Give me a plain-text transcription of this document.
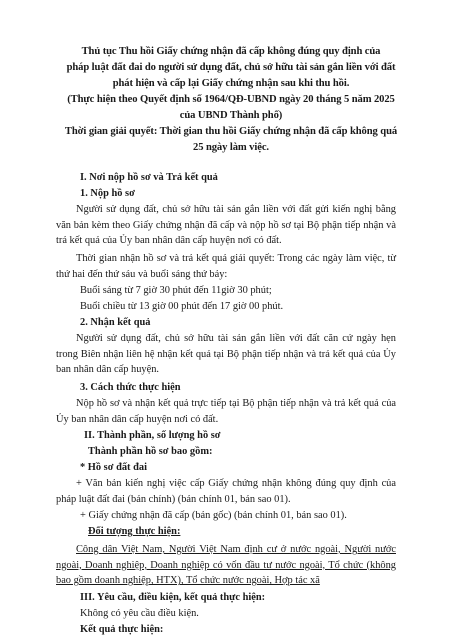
Thủ tục Thu hồi Giấy chứng nhận đã cấp không đúng quy định của
pháp luật đất đai do người sử dụng đất, chủ sở hữu tài sản gắn liền với đất
phát hiện và cấp lại Giấy chứng nhận sau khi thu hồi.
(Thực hiện theo Quyết định số 1964/QĐ-UBND ngày 20 tháng 5 năm 2025
của UBND Thành phố)
Thời gian giải quyết: Thời gian thu hồi Giấy chứng nhận đã cấp không quá
25 ngày làm việc.
I. Nơi nộp hồ sơ và Trả kết quả
1. Nộp hồ sơ
Người sử dụng đất, chủ sở hữu tài sản gắn liền với đất gửi kiến nghị bằng văn bản kèm theo Giấy chứng nhận đã cấp và nộp hồ sơ tại Bộ phận tiếp nhận và trả kết quả của Ủy ban nhân dân cấp huyện nơi có đất.
Thời gian nhận hồ sơ và trả kết quả giải quyết: Trong các ngày làm việc, từ thứ hai đến thứ sáu và buổi sáng thứ bảy:
Buổi sáng từ 7 giờ 30 phút đến 11giờ 30 phút;
Buổi chiều từ 13 giờ 00 phút đến 17 giờ 00 phút.
2. Nhận kết quả
Người sử dụng đất, chủ sở hữu tài sản gắn liền với đất căn cứ ngày hẹn trong Biên nhận liên hệ nhận kết quả tại Bộ phận tiếp nhận và trả kết quả của Ủy ban nhân dân cấp huyện.
3. Cách thức thực hiện
Nộp hồ sơ và nhận kết quả trực tiếp tại Bộ phận tiếp nhận và trả kết quả của Ủy ban nhân dân cấp huyện nơi có đất.
II. Thành phần, số lượng hồ sơ
Thành phần hồ sơ bao gồm:
* Hồ sơ đất đai
+ Văn bản kiến nghị việc cấp Giấy chứng nhận không đúng quy định của pháp luật đất đai (bản chính) (bản chính 01, bản sao 01).
+ Giấy chứng nhận đã cấp (bản gốc) (bản chính 01, bản sao 01).
Đối tượng thực hiện:
Công dân Việt Nam, Người Việt Nam định cư ở nước ngoài, Người nước ngoài, Doanh nghiệp, Doanh nghiệp có vốn đầu tư nước ngoài, Tổ chức (không bao gồm doanh nghiệp, HTX), Tổ chức nước ngoài, Hợp tác xã
III. Yêu cầu, điều kiện, kết quả thực hiện:
Không có yêu cầu điều kiện.
Kết quả thực hiện:
